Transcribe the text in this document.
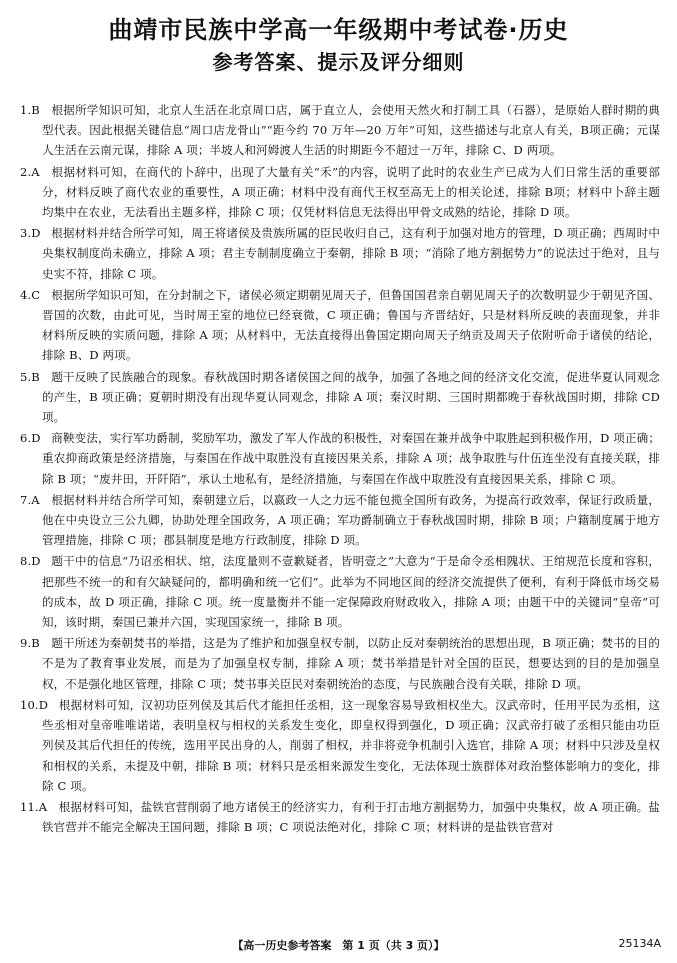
曲靖市民族中学高一年级期中考试卷·历史
参考答案、提示及评分细则

1.B 根据所学知识可知，北京人生活在北京周口店，属于直立人，会使用天然火和打制工具（石器），是原始人群时期的典型代表。因此根据关键信息“周口店龙骨山”“距今约 70 万年—20 万年”可知，这些描述与北京人有关，B项正确；元谋人生活在云南元谋，排除 A 项；半坡人和河姆渡人生活的时期距今不超过一万年，排除 C、D 两项。

2.A 根据材料可知，在商代的卜辞中，出现了大量有关“禾”的内容，说明了此时的农业生产已成为人们日常生活的重要部分，材料反映了商代农业的重要性，A 项正确；材料中没有商代王权至高无上的相关论述，排除 B项；材料中卜辞主题均集中在农业，无法看出主题多样，排除 C 项；仅凭材料信息无法得出甲骨文成熟的结论，排除 D 项。

3.D 根据材料并结合所学可知，周王将诸侯及贵族所属的臣民收归自己，这有利于加强对地方的管理，D 项正确；西周时中央集权制度尚未确立，排除 A 项；君主专制制度确立于秦朝，排除 B 项；“消除了地方割据势力”的说法过于绝对，且与史实不符，排除 C 项。

4.C 根据所学知识可知，在分封制之下，诸侯必须定期朝见周天子，但鲁国国君亲自朝见周天子的次数明显少于朝见齐国、晋国的次数，由此可见，当时周王室的地位已经衰微，C 项正确；鲁国与齐晋结好，只是材料所反映的表面现象，并非材料所反映的实质问题，排除 A 项；从材料中，无法直接得出鲁国定期向周天子纳贡及周天子依附听命于诸侯的结论，排除 B、D 两项。

5.B 题干反映了民族融合的现象。春秋战国时期各诸侯国之间的战争，加强了各地之间的经济文化交流，促进华夏认同观念的产生，B 项正确；夏朝时期没有出现华夏认同观念，排除 A 项；秦汉时期、三国时期都晚于春秋战国时期，排除 CD 项。

6.D 商鞅变法，实行军功爵制，奖励军功，激发了军人作战的积极性，对秦国在兼并战争中取胜起到积极作用，D 项正确；重农抑商政策是经济措施，与秦国在作战中取胜没有直接因果关系，排除 A 项；战争取胜与什伍连坐没有直接关联，排除 B 项；“废井田，开阡陌”，承认土地私有，是经济措施，与秦国在作战中取胜没有直接因果关系，排除 C 项。

7.A 根据材料并结合所学可知，秦朝建立后，以嬴政一人之力远不能包揽全国所有政务，为提高行政效率，保证行政质量，他在中央设立三公九卿，协助处理全国政务，A 项正确；军功爵制确立于春秋战国时期，排除 B 项；户籍制度属于地方管理措施，排除 C 项；郡县制度是地方行政制度，排除 D 项。

8.D 题干中的信息“乃诏丞相状、绾，法度量则不壹歉疑者，皆明壹之”大意为“于是命令丞相隗状、王绾规范长度和容积，把那些不统一的和有欠缺疑问的，都明确和统一它们”。此举为不同地区间的经济交流提供了便利，有利于降低市场交易的成本，故 D 项正确，排除 C 项。统一度量衡并不能一定保障政府财政收入，排除 A 项；由题干中的关键词“皇帝”可知，该时期，秦国已兼并六国，实现国家统一，排除 B 项。

9.B 题干所述为秦朝焚书的举措，这是为了维护和加强皇权专制，以防止反对秦朝统治的思想出现，B 项正确；焚书的目的不是为了教育事业发展，而是为了加强皇权专制，排除 A 项；焚书举措是针对全国的臣民，想要达到的目的是加强皇权，不是强化地区管理，排除 C 项；焚书事关臣民对秦朝统治的态度，与民族融合没有关联，排除 D 项。

10.D 根据材料可知，汉初功臣列侯及其后代才能担任丞相，这一现象容易导致相权坐大。汉武帝时，任用平民为丞相，这些丞相对皇帝唯唯诺诺，表明皇权与相权的关系发生变化，即皇权得到强化，D 项正确；汉武帝打破了丞相只能由功臣列侯及其后代担任的传统，选用平民出身的人，削弱了相权，并非将竞争机制引入选官，排除 A 项；材料中只涉及皇权和相权的关系，未提及中朝，排除 B 项；材料只是丞相来源发生变化，无法体现士族群体对政治整体影响力的变化，排除 C 项。

11.A 根据材料可知，盐铁官营削弱了地方诸侯王的经济实力，有利于打击地方割据势力，加强中央集权，故 A 项正确。盐铁官营并不能完全解决王国问题，排除 B 项；C 项说法绝对化，排除 C 项；材料讲的是盐铁官营对

【高一历史参考答案　第 1 页（共 3 页）】	25134A
